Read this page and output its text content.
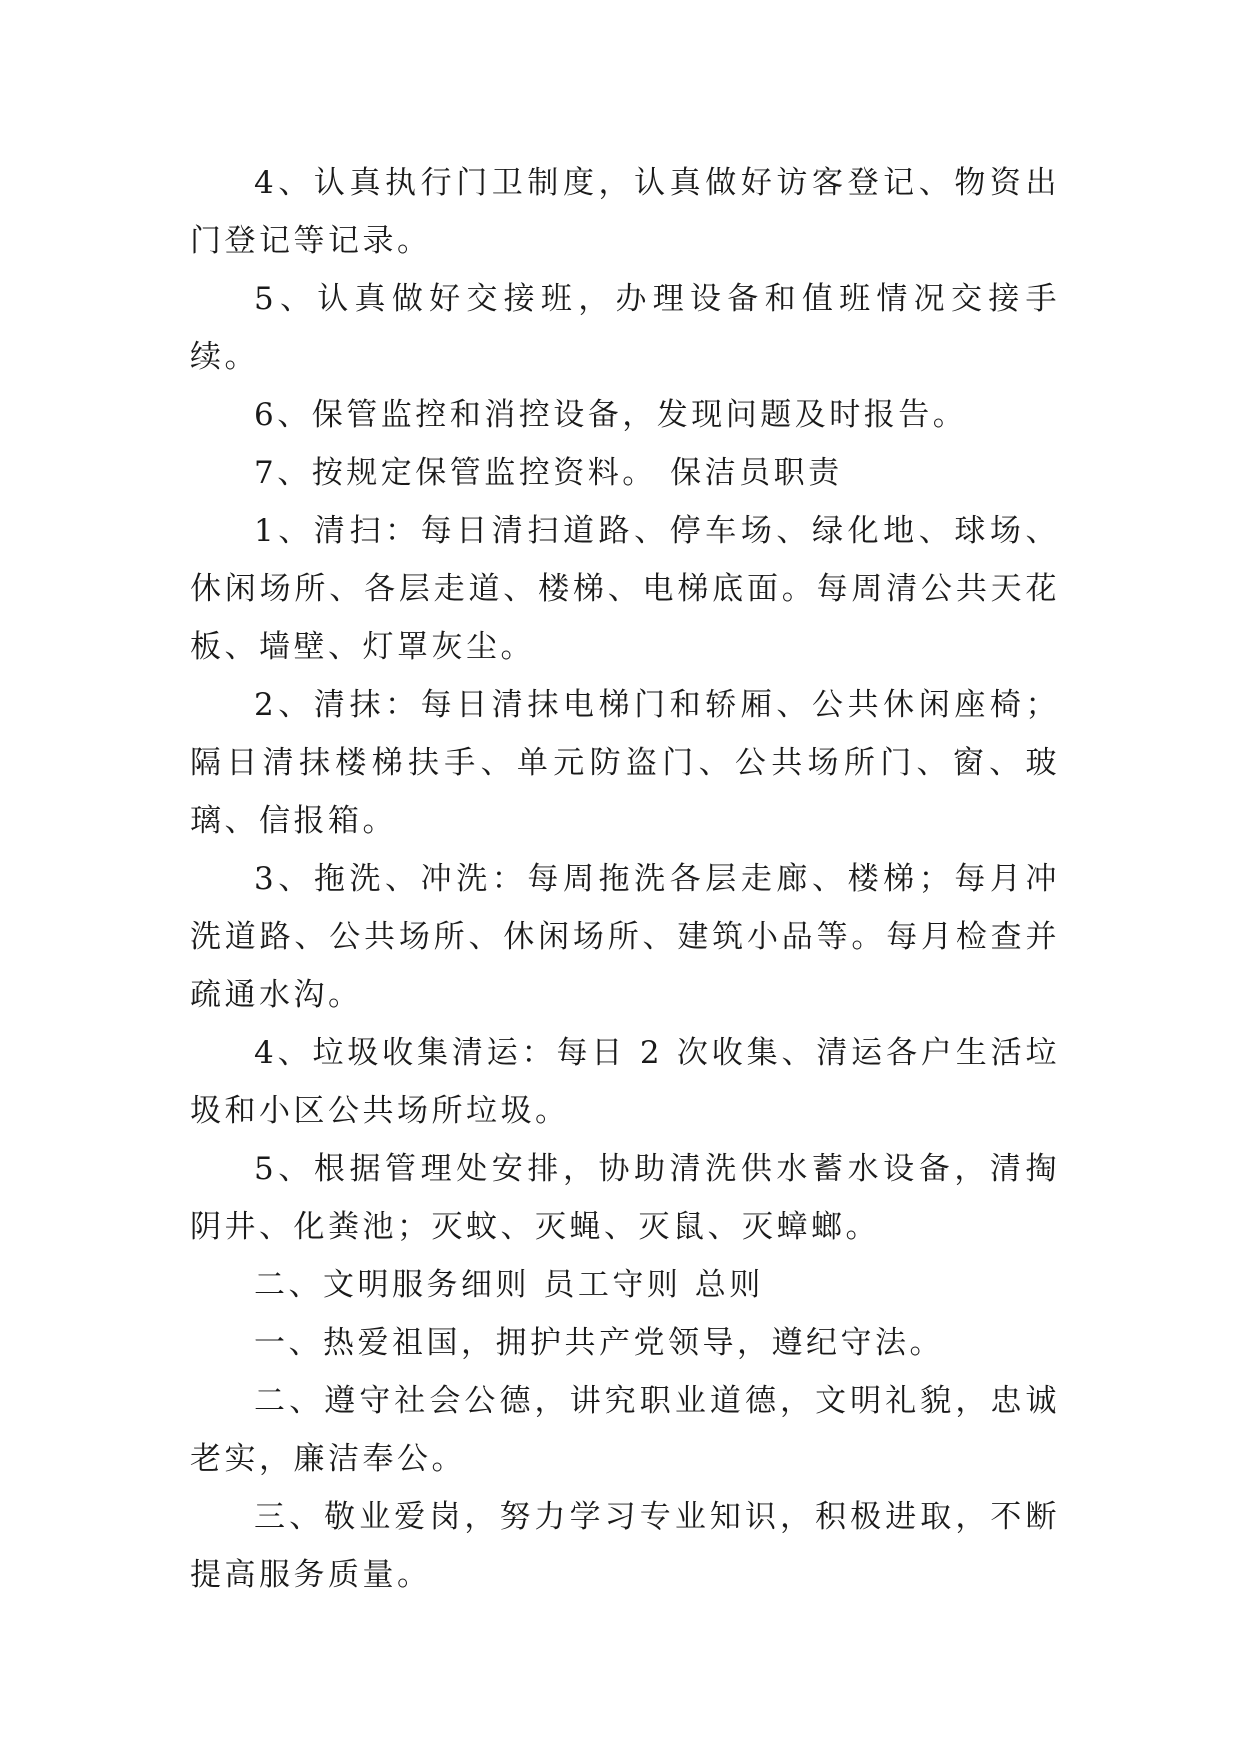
4、认真执行门卫制度，认真做好访客登记、物资出门登记等记录。

5、认真做好交接班，办理设备和值班情况交接手续。

6、保管监控和消控设备，发现问题及时报告。

7、按规定保管监控资料。 保洁员职责

1、清扫：每日清扫道路、停车场、绿化地、球场、休闲场所、各层走道、楼梯、电梯底面。每周清公共天花板、墙壁、灯罩灰尘。

2、清抹：每日清抹电梯门和轿厢、公共休闲座椅；隔日清抹楼梯扶手、单元防盗门、公共场所门、窗、玻璃、信报箱。

3、拖洗、冲洗：每周拖洗各层走廊、楼梯；每月冲洗道路、公共场所、休闲场所、建筑小品等。每月检查并疏通水沟。

4、垃圾收集清运：每日 2 次收集、清运各户生活垃圾和小区公共场所垃圾。

5、根据管理处安排，协助清洗供水蓄水设备，清掏阴井、化粪池；灭蚊、灭蝇、灭鼠、灭蟑螂。

二、文明服务细则 员工守则 总则

一、热爱祖国，拥护共产党领导，遵纪守法。

二、遵守社会公德，讲究职业道德，文明礼貌，忠诚老实，廉洁奉公。

三、敬业爱岗，努力学习专业知识，积极进取，不断提高服务质量。
